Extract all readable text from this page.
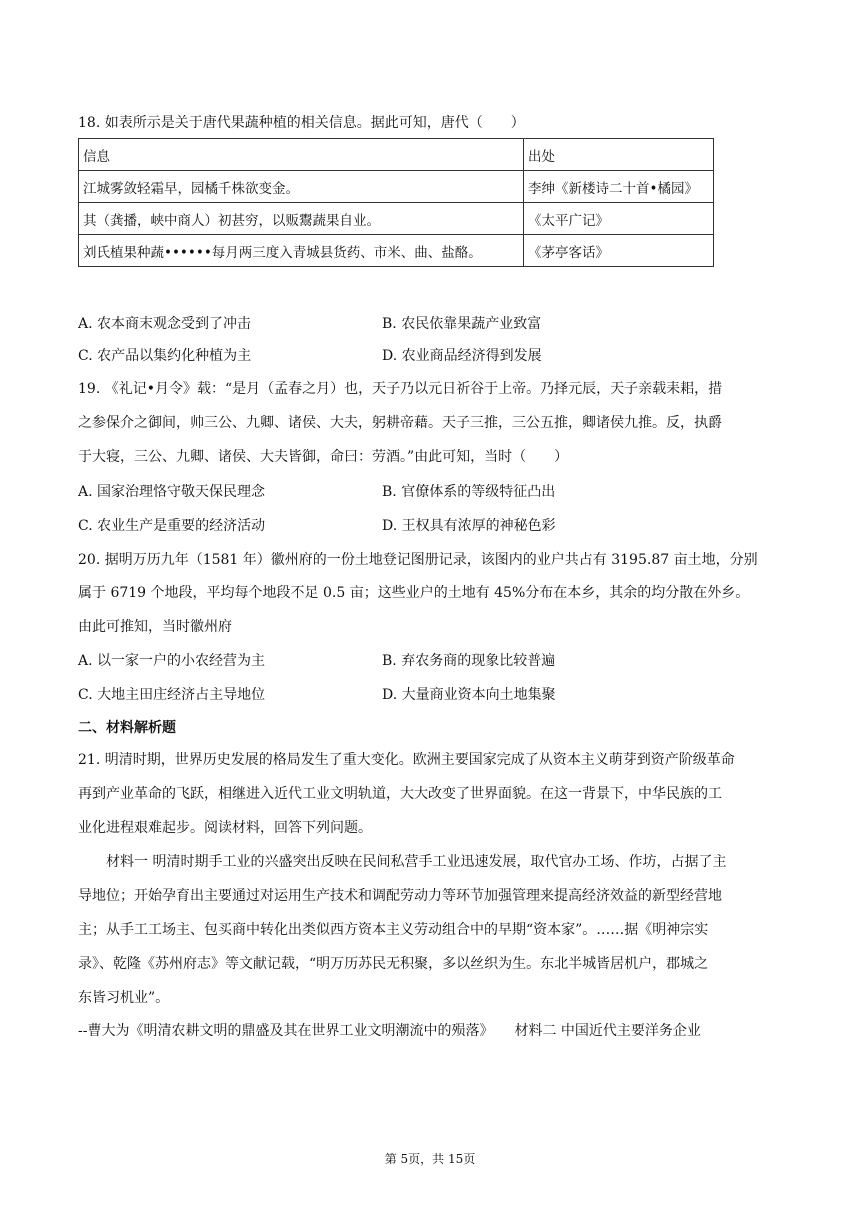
18. 如表所示是关于唐代果蔬种植的相关信息。据此可知，唐代（　　）
信息	出处
江城雾敛轻霜早，园橘千株欲变金。	李绅《新楼诗二十首•橘园》
其（龚播，峡中商人）初甚穷，以贩鬻蔬果自业。	《太平广记》
刘氏植果种蔬••••••每月两三度入青城县货药、市米、曲、盐酪。	《茅亭客话》
A. 农本商末观念受到了冲击	B. 农民依靠果蔬产业致富
C. 农产品以集约化种植为主	D. 农业商品经济得到发展
19. 《礼记•月令》载：“是月（孟春之月）也，天子乃以元日祈谷于上帝。乃择元辰，天子亲载耒耜，措
之参保介之御间，帅三公、九卿、诸侯、大夫，躬耕帝藉。天子三推，三公五推，卿诸侯九推。反，执爵
于大寝，三公、九卿、诸侯、大夫皆御，命曰：劳酒。”由此可知，当时（　　）
A. 国家治理恪守敬天保民理念	B. 官僚体系的等级特征凸出
C. 农业生产是重要的经济活动	D. 王权具有浓厚的神秘色彩
20. 据明万历九年（1581 年）徽州府的一份土地登记图册记录，该图内的业户共占有 3195.87 亩土地，分别
属于 6719 个地段，平均每个地段不足 0.5 亩；这些业户的土地有 45%分布在本乡，其余的均分散在外乡。
由此可推知，当时徽州府
A. 以一家一户的小农经营为主	B. 弃农务商的现象比较普遍
C. 大地主田庄经济占主导地位	D. 大量商业资本向土地集聚
二、材料解析题
21. 明清时期，世界历史发展的格局发生了重大变化。欧洲主要国家完成了从资本主义萌芽到资产阶级革命
再到产业革命的飞跃，相继进入近代工业文明轨道，大大改变了世界面貌。在这一背景下，中华民族的工
业化进程艰难起步。阅读材料，回答下列问题。
　　材料一 明清时期手工业的兴盛突出反映在民间私营手工业迅速发展，取代官办工场、作坊，占据了主
导地位；开始孕育出主要通过对运用生产技术和调配劳动力等环节加强管理来提高经济效益的新型经营地
主；从手工工场主、包买商中转化出类似西方资本主义劳动组合中的早期“资本家”。……据《明神宗实
录》、乾隆《苏州府志》等文献记载，“明万历苏民无积聚，多以丝织为生。东北半城皆居机户，郡城之
东皆习机业”。
--曹大为《明清农耕文明的鼎盛及其在世界工业文明潮流中的殒落》　　材料二 中国近代主要洋务企业
第 5页，共 15页
